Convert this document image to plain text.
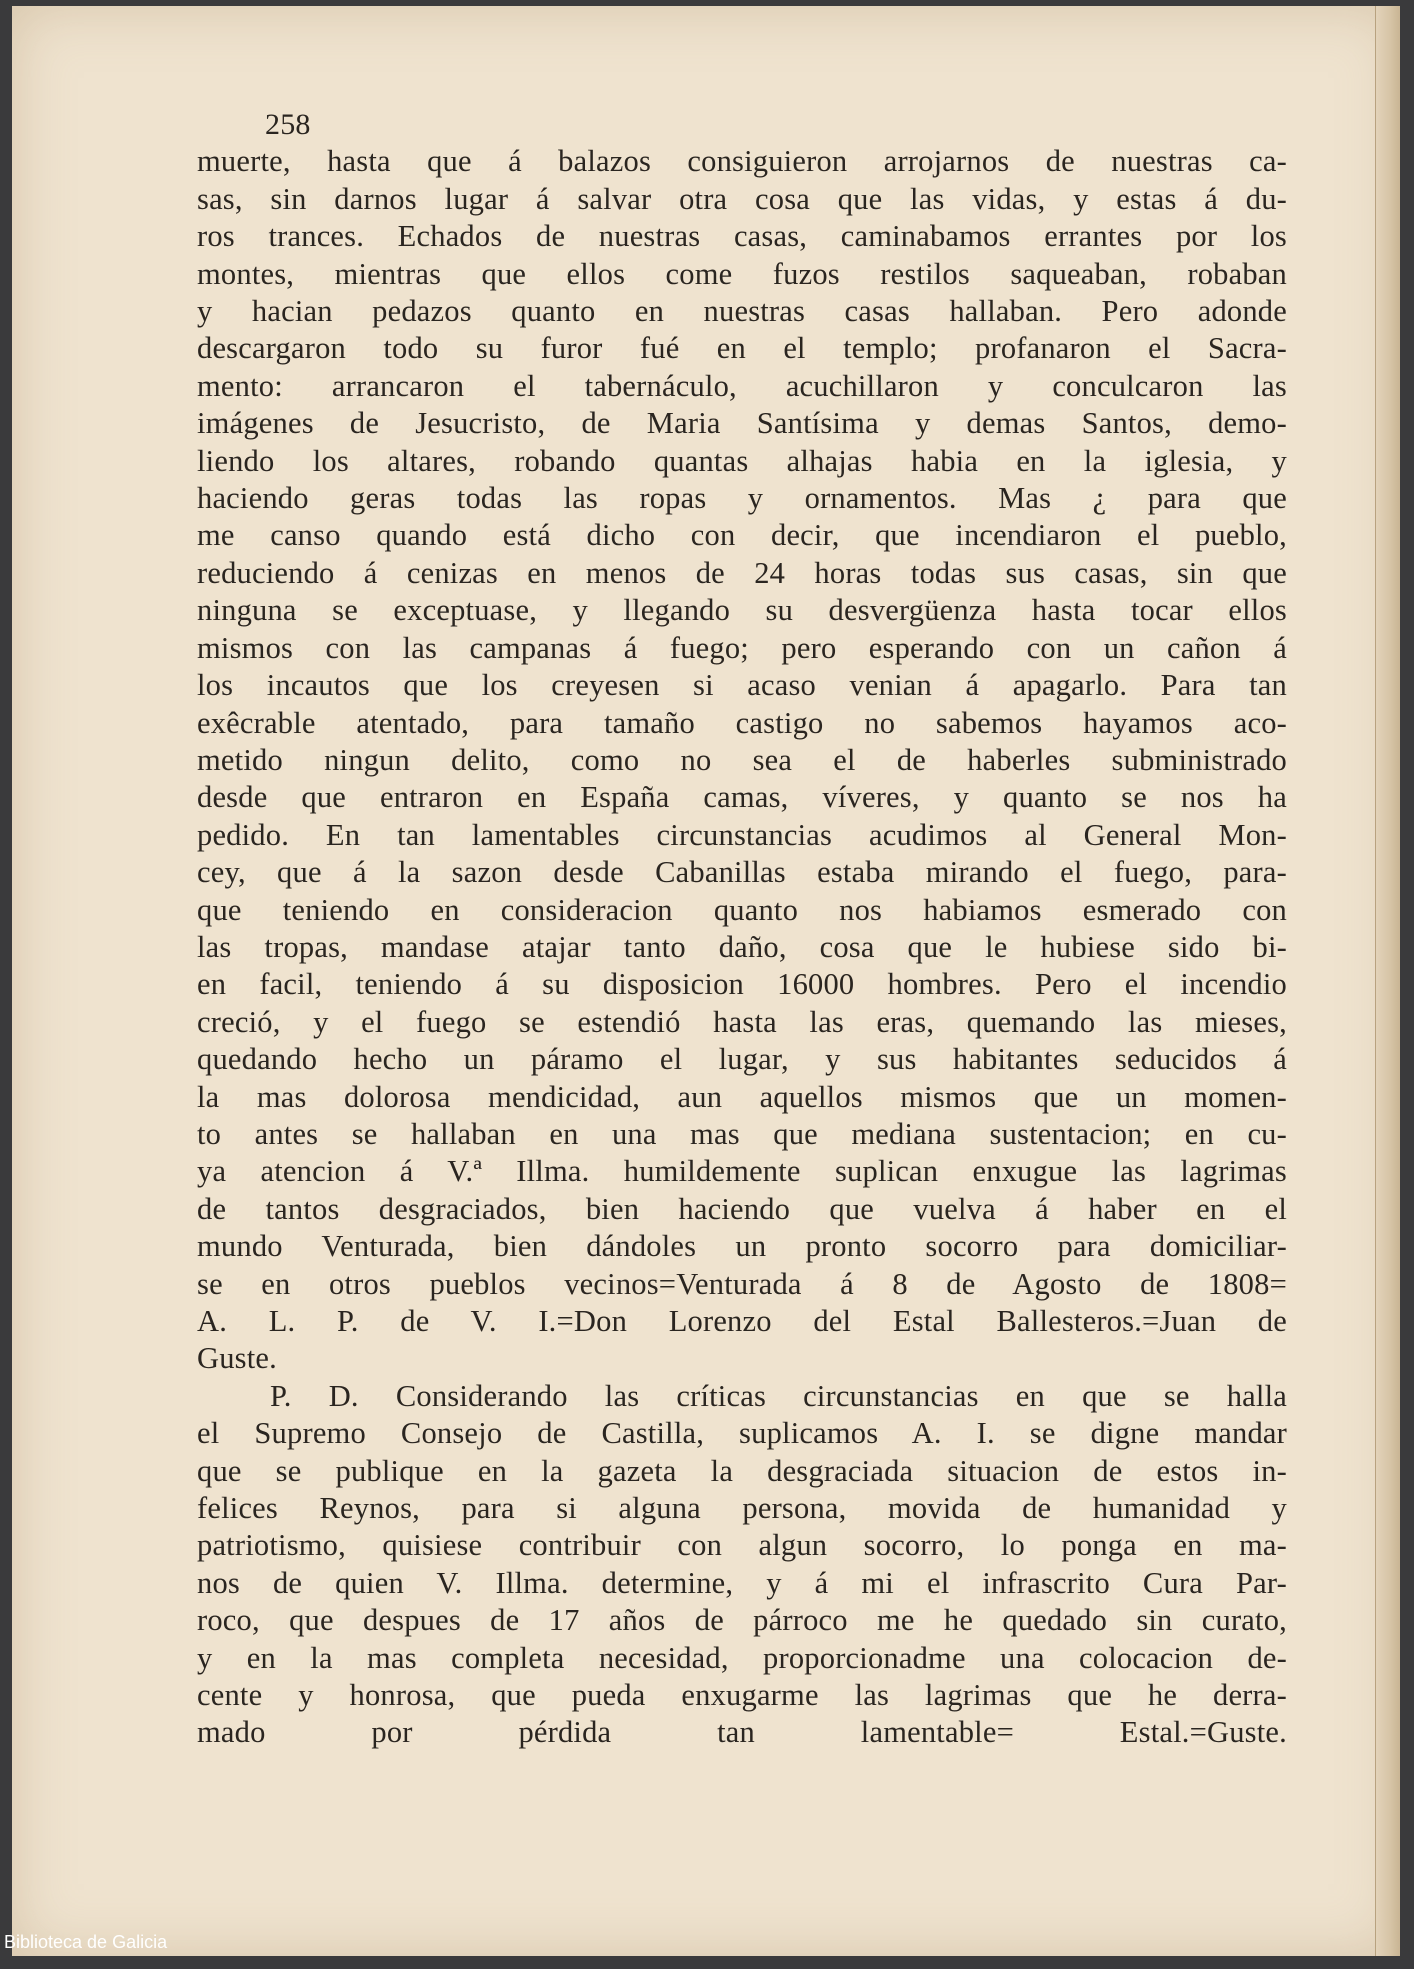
258
muerte, hasta que á balazos consiguieron arrojarnos de nuestras ca-
sas, sin darnos lugar á salvar otra cosa que las vidas, y estas á du-
ros trances. Echados de nuestras casas, caminabamos errantes por los
montes, mientras que ellos come fuzos restilos saqueaban, robaban
y hacian pedazos quanto en nuestras casas hallaban. Pero adonde
descargaron todo su furor fué en el templo; profanaron el Sacra-
mento: arrancaron el tabernáculo, acuchillaron y conculcaron las
imágenes de Jesucristo, de Maria Santísima y demas Santos, demo-
liendo los altares, robando quantas alhajas habia en la iglesia, y
haciendo geras todas las ropas y ornamentos. Mas ¿ para que
me canso quando está dicho con decir, que incendiaron el pueblo,
reduciendo á cenizas en menos de 24 horas todas sus casas, sin que
ninguna se exceptuase, y llegando su desvergüenza hasta tocar ellos
mismos con las campanas á fuego; pero esperando con un cañon á
los incautos que los creyesen si acaso venian á apagarlo. Para tan
exêcrable atentado, para tamaño castigo no sabemos hayamos aco-
metido ningun delito, como no sea el de haberles subministrado
desde que entraron en España camas, víveres, y quanto se nos ha
pedido. En tan lamentables circunstancias acudimos al General Mon-
cey, que á la sazon desde Cabanillas estaba mirando el fuego, para-
que teniendo en consideracion quanto nos habiamos esmerado con
las tropas, mandase atajar tanto daño, cosa que le hubiese sido bi-
en facil, teniendo á su disposicion 16000 hombres. Pero el incendio
creció, y el fuego se estendió hasta las eras, quemando las mieses,
quedando hecho un páramo el lugar, y sus habitantes seducidos á
la mas dolorosa mendicidad, aun aquellos mismos que un momen-
to antes se hallaban en una mas que mediana sustentacion; en cu-
ya atencion á V.ª Illma. humildemente suplican enxugue las lagrimas
de tantos desgraciados, bien haciendo que vuelva á haber en el
mundo Venturada, bien dándoles un pronto socorro para domiciliar-
se en otros pueblos vecinos=Venturada á 8 de Agosto de 1808=
A. L. P. de V. I.=Don Lorenzo del Estal Ballesteros.=Juan de
Guste.
P. D. Considerando las críticas circunstancias en que se halla
el Supremo Consejo de Castilla, suplicamos A. I. se digne mandar
que se publique en la gazeta la desgraciada situacion de estos in-
felices Reynos, para si alguna persona, movida de humanidad y
patriotismo, quisiese contribuir con algun socorro, lo ponga en ma-
nos de quien V. Illma. determine, y á mi el infrascrito Cura Par-
roco, que despues de 17 años de párroco me he quedado sin curato,
y en la mas completa necesidad, proporcionadme una colocacion de-
cente y honrosa, que pueda enxugarme las lagrimas que he derra-
mado por pérdida tan lamentable= Estal.=Guste.
Biblioteca de Galicia
